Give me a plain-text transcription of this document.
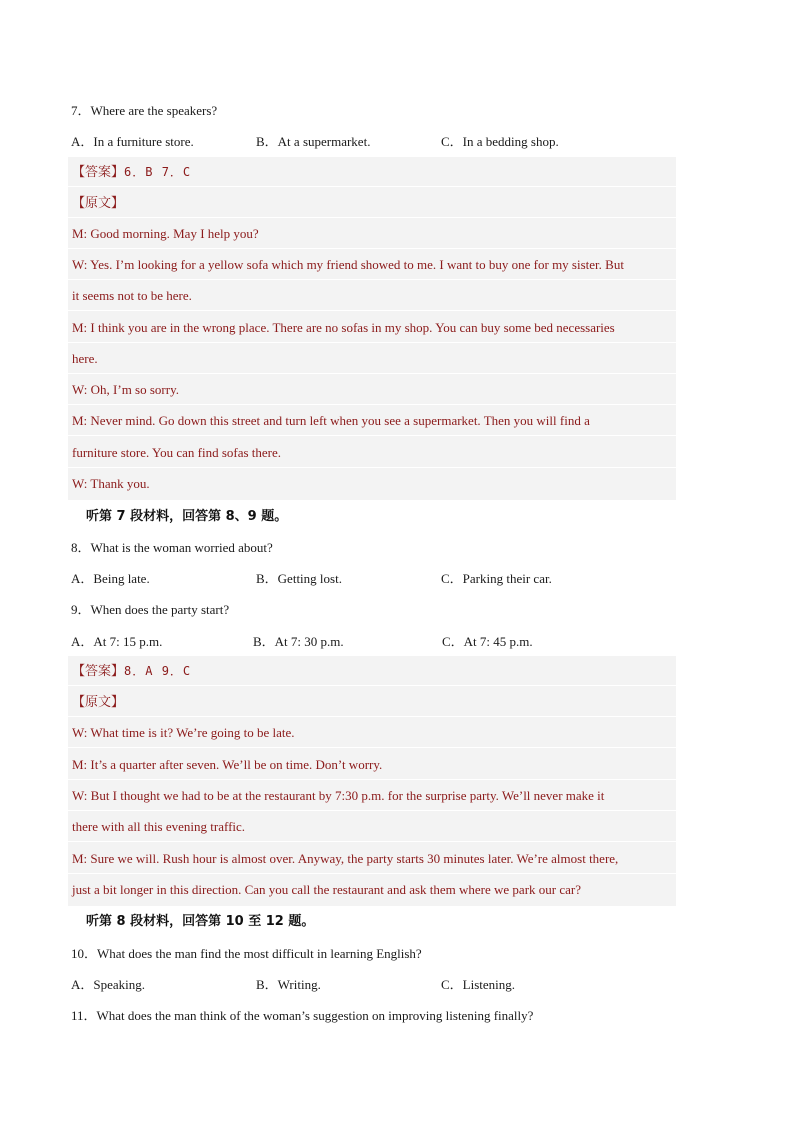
7．Where are the speakers?
A．In a furniture store.	B．At a supermarket.	C．In a bedding shop.
【答案】6．B 7．C
【原文】
M: Good morning. May I help you?
W: Yes. I’m looking for a yellow sofa which my friend showed to me. I want to buy one for my sister. But
it seems not to be here.
M: I think you are in the wrong place. There are no sofas in my shop. You can buy some bed necessaries
here.
W: Oh, I’m so sorry.
M: Never mind. Go down this street and turn left when you see a supermarket. Then you will find a
furniture store. You can find sofas there.
W: Thank you.
听第 7 段材料，回答第 8、9 题。
8．What is the woman worried about?
A．Being late.	B．Getting lost.	C．Parking their car.
9．When does the party start?
A．At 7: 15 p.m.	B．At 7: 30 p.m.	C．At 7: 45 p.m.
【答案】8．A 9．C
【原文】
W: What time is it? We’re going to be late.
M: It’s a quarter after seven. We’ll be on time. Don’t worry.
W: But I thought we had to be at the restaurant by 7:30 p.m. for the surprise party. We’ll never make it
there with all this evening traffic.
M: Sure we will. Rush hour is almost over. Anyway, the party starts 30 minutes later. We’re almost there,
just a bit longer in this direction. Can you call the restaurant and ask them where we park our car?
听第 8 段材料，回答第 10 至 12 题。
10．What does the man find the most difficult in learning English?
A．Speaking.	B．Writing.	C．Listening.
11．What does the man think of the woman’s suggestion on improving listening finally?
